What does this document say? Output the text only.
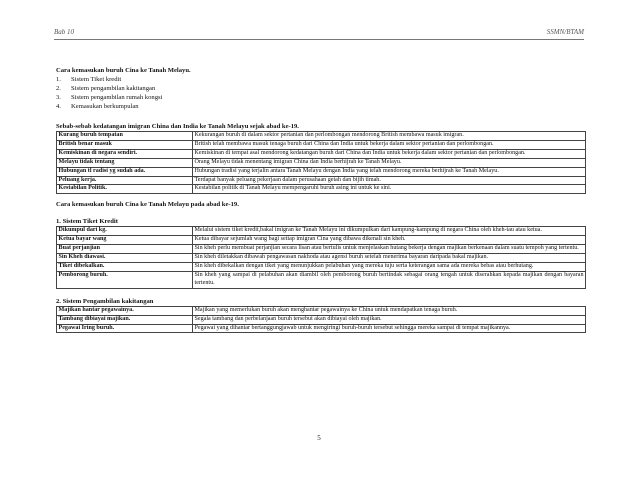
Bab 10	SSMN/BTAM

Cara kemasukan buruh Cina ke Tanah Melayu.

1.	Sistem Tiket kredit
2.	Sistem pengambilan kakitangan
3.	Sistem pengambilan rumah kongsi
4.	Kemasukan berkumpulan

Sebab-sebab kedatangan imigran China dan India ke Tanah Melayu sejak abad ke-19.

Kurang buruh tempatan	Kekurangan buruh di dalam sektor pertanian dan perlombongan mendorong British membawa masuk imigran.
British benar masuk	British telah membawa masuk tenaga buruh dari China dan India untuk bekerja dalam sektor pertanian dan perlombongan.
Kemiskinan di negara sendiri.	Kemiskinan di tempat asal mendorong kedatangan buruh dari China dan India untuk bekerja dalam sektor pertanian dan perlombongan.
Melayu tidak tentang	Orang Melayu tidak menentang imigran China dan India berhijrah ke Tanah Melayu.
Hubungan tl radisi yg sudah ada.	Hubungan tradisi yang terjalin antara Tanah Melayu dengan India yang telah mendorong mereka berhijrah ke Tanah Melayu.
Peluang kerja.	Terdapat banyak peluang pekerjaan dalam perusahaan getah dan bijih timah.
Kestabilan Politik.	Kestabilan politik di Tanah Melayu mempengaruhi buruh asing ini untuk ke sini.

Cara kemasukan buruh Cina ke Tanah Melayu pada abad ke-19.

1. Sistem Tiket Kredit

Dikumpul dari kg.	Melalui sistem tiket kredit,bakal imigran ke Tanah Melayu ini dikumpulkan dari kampung-kampung di negara China oleh kheh-tau atau ketua.
Ketua bayar wang	Ketua dibayar sejumlah wang bagi setiap imigran Cina yang dibawa dikenali sin kheh.
Buat perjanjian	Sin kheh perlu membuat perjanjian secara lisan atau bertulis untuk menjelaskan hutang bekerja dengan majikan berkenaan dalam suatu tempoh yang tertentu.
Sin Kheh diawasi.	Sin kheh diletakkan dibawah pengawasan nakhoda atau agensi buruh setelah menerima bayaran daripada bakal majikan.
Tiket dibekalkan.	Sin kheh dibekalkan dengan tiket yang menunjukkan pelabuhan yang mereka tuju serta keterangan sama ada mereka bebas atau berhutang.
Pemborong buruh.	Sin kheh yang sampai di pelabuhan akan diambil oleh pemborong buruh bertindak sebagai orang tengah untuk diserahkan kepada majikan dengan bayaran tertentu.

2. Sistem Pengambilan kakitangan

Majikan hantar pegawainya.	Majikan yang memerlukan buruh akan menghantar pegawainya ke China untuk mendapatkan tenaga buruh.
Tambang dibiayai majikan.	Segala tambang dan perbelanjaan buruh tersebut akan dibiayai oleh majikan.
Pegawai Iring buruh.	Pegawai yang dihantar bertanggungjawab untuk mengiringi buruh-buruh tersebut sehingga mereka sampai di tempat majikannya.
5
